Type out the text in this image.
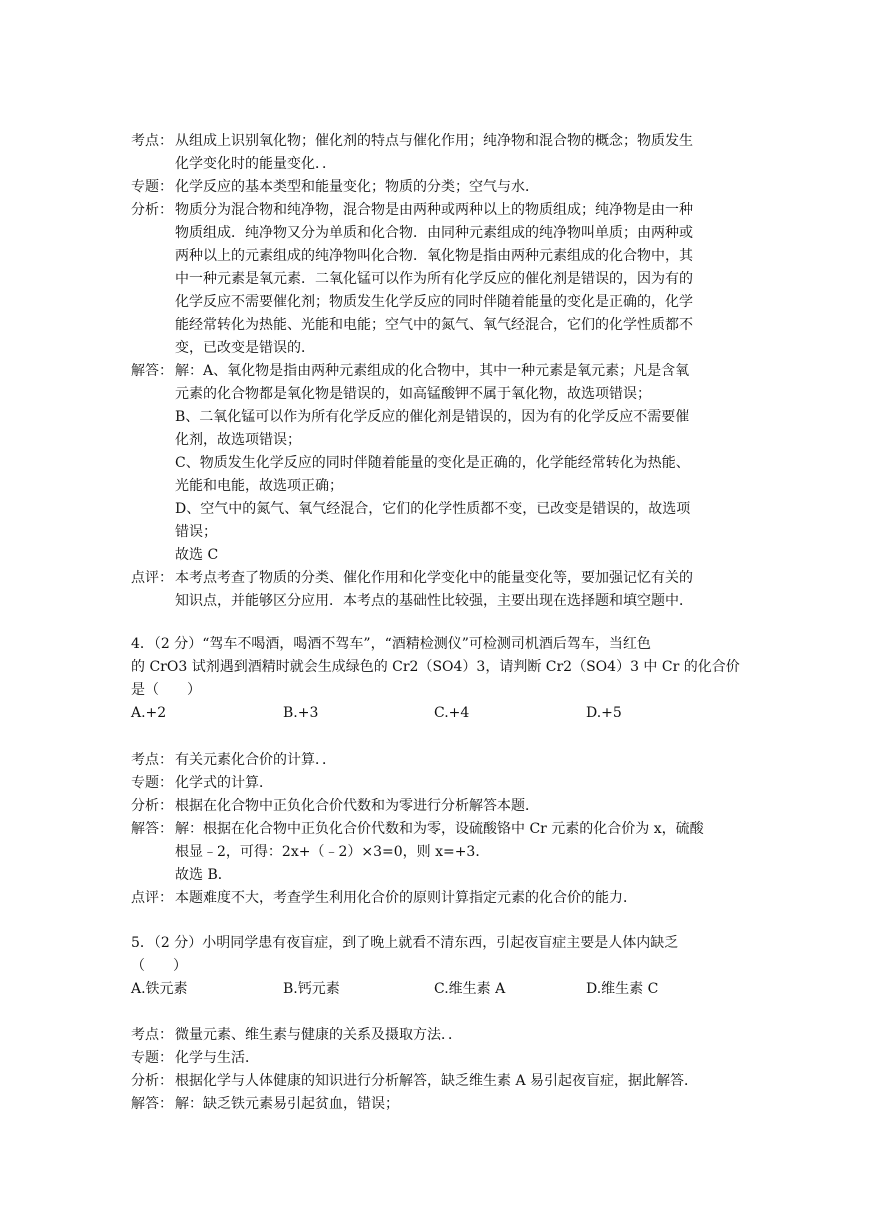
考点： 从组成上识别氧化物；催化剂的特点与催化作用；纯净物和混合物的概念；物质发生
化学变化时的能量变化．．
专题： 化学反应的基本类型和能量变化；物质的分类；空气与水．
分析： 物质分为混合物和纯净物，混合物是由两种或两种以上的物质组成；纯净物是由一种
物质组成．纯净物又分为单质和化合物．由同种元素组成的纯净物叫单质；由两种或
两种以上的元素组成的纯净物叫化合物．氧化物是指由两种元素组成的化合物中，其
中一种元素是氧元素．二氧化锰可以作为所有化学反应的催化剂是错误的，因为有的
化学反应不需要催化剂；物质发生化学反应的同时伴随着能量的变化是正确的，化学
能经常转化为热能、光能和电能；空气中的氮气、氧气经混合，它们的化学性质都不
变，已改变是错误的．
解答： 解：A、氧化物是指由两种元素组成的化合物中，其中一种元素是氧元素；凡是含氧
元素的化合物都是氧化物是错误的，如高锰酸钾不属于氧化物，故选项错误；
B、二氧化锰可以作为所有化学反应的催化剂是错误的，因为有的化学反应不需要催
化剂，故选项错误；
C、物质发生化学反应的同时伴随着能量的变化是正确的，化学能经常转化为热能、
光能和电能，故选项正确；
D、空气中的氮气、氧气经混合，它们的化学性质都不变，已改变是错误的，故选项
错误；
故选 C
点评： 本考点考查了物质的分类、催化作用和化学变化中的能量变化等，要加强记忆有关的
知识点，并能够区分应用．本考点的基础性比较强，主要出现在选择题和填空题中．
4．（2 分）“驾车不喝酒，喝酒不驾车”，“酒精检测仪”可检测司机酒后驾车，当红色
的 CrO3 试剂遇到酒精时就会生成绿色的 Cr2（SO4）3，请判断 Cr2（SO4）3 中 Cr 的化合价
是（　　）
A.+2	B.+3	C.+4	D.+5
考点： 有关元素化合价的计算．．
专题： 化学式的计算．
分析： 根据在化合物中正负化合价代数和为零进行分析解答本题．
解答： 解：根据在化合物中正负化合价代数和为零，设硫酸铬中 Cr 元素的化合价为 x，硫酸
根显﹣2，可得：2x+（﹣2）×3=0，则 x=+3．
故选 B．
点评： 本题难度不大，考查学生利用化合价的原则计算指定元素的化合价的能力．
5．（2 分）小明同学患有夜盲症，到了晚上就看不清东西，引起夜盲症主要是人体内缺乏
（　　）
A.铁元素	B.钙元素	C.维生素 A	D.维生素 C
考点： 微量元素、维生素与健康的关系及摄取方法．．
专题： 化学与生活．
分析： 根据化学与人体健康的知识进行分析解答，缺乏维生素 A 易引起夜盲症，据此解答．
解答： 解：缺乏铁元素易引起贫血，错误；
